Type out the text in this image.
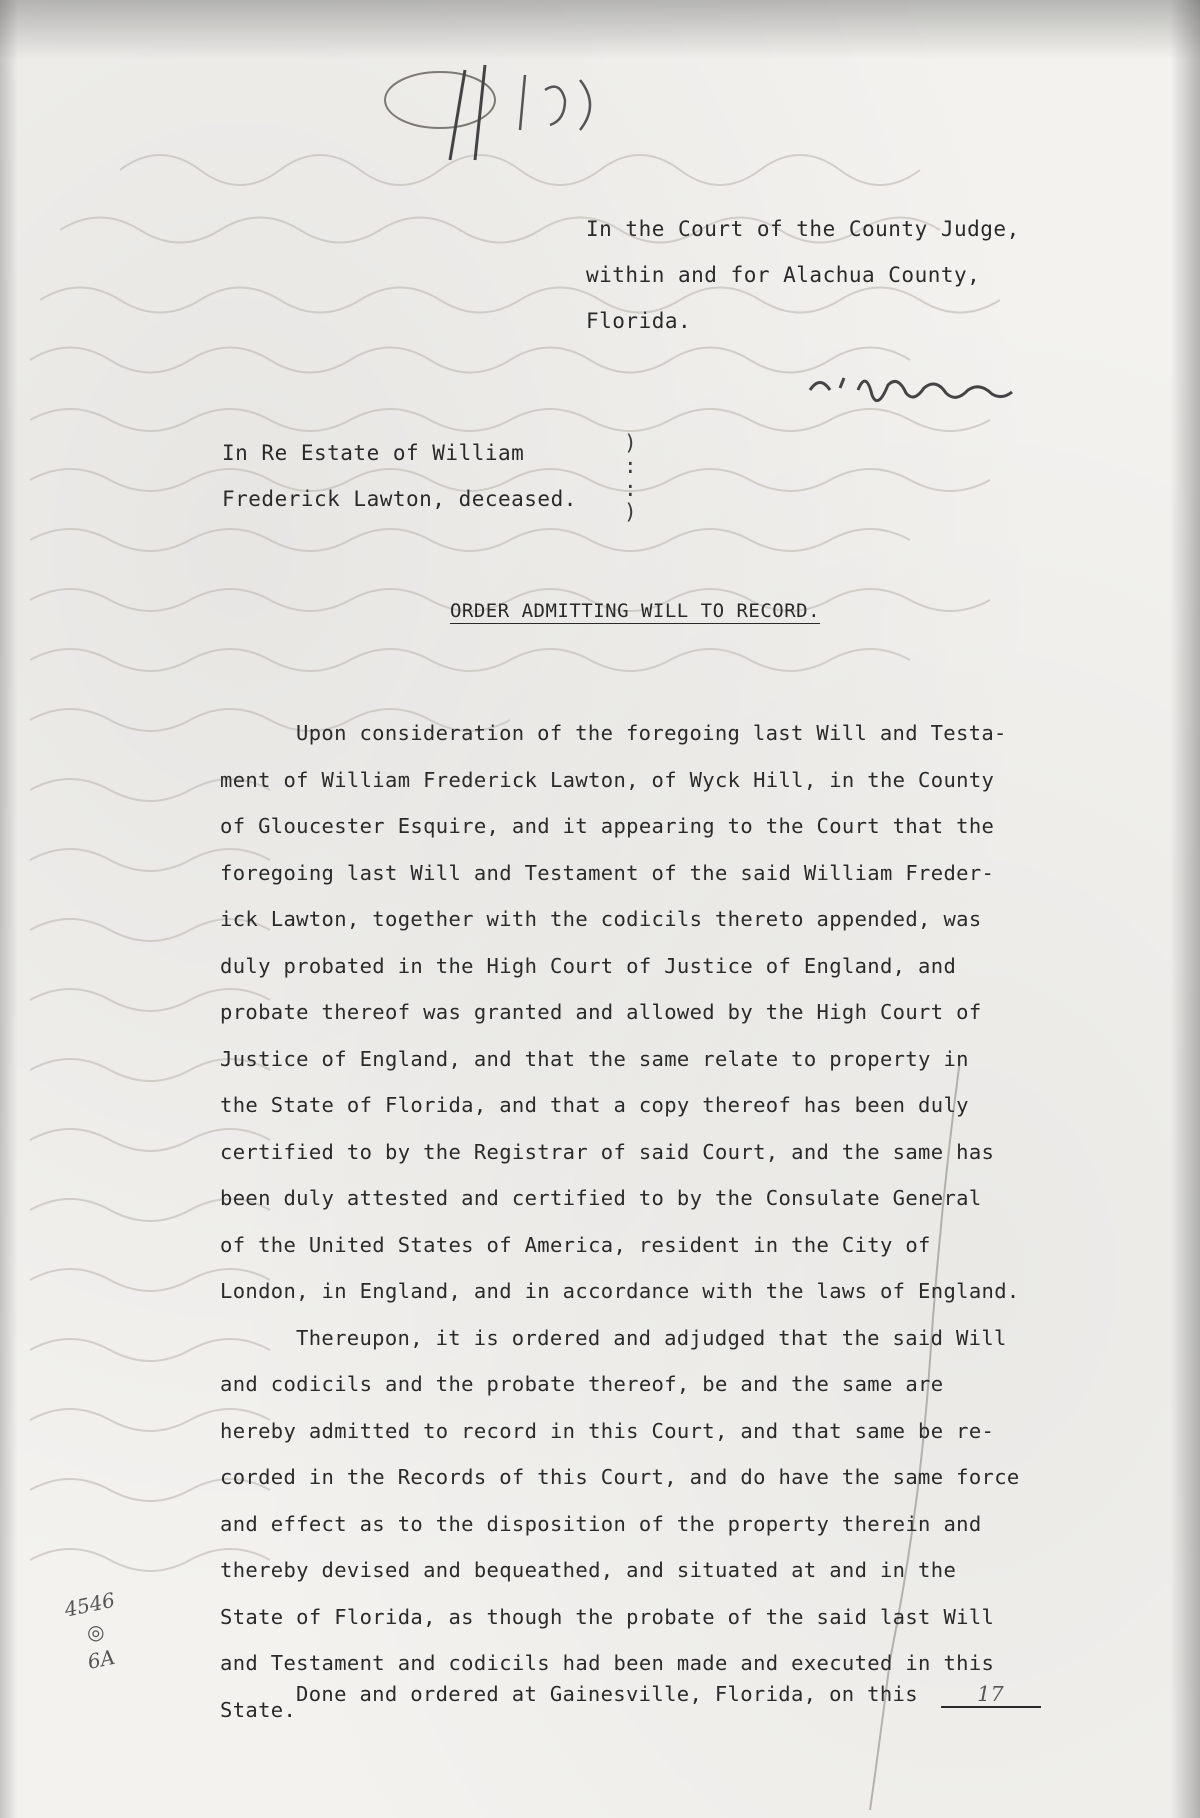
In the Court of the County Judge,
within and for Alachua County,
Florida.
In Re Estate of William
Frederick Lawton, deceased.
)
:
:
)
ORDER ADMITTING WILL TO RECORD.
Upon consideration of the foregoing last Will and Testa-
ment of William Frederick Lawton, of Wyck Hill, in the County
of Gloucester Esquire, and it appearing to the Court that the
foregoing last Will and Testament of the said William Freder-
ick Lawton, together with the codicils thereto appended, was
duly probated in the High Court of Justice of England, and
probate thereof was granted and allowed by the High Court of
Justice of England, and that the same relate to property in
the State of Florida, and that a copy thereof has been duly
certified to by the Registrar of said Court, and the same has
been duly attested and certified to by the Consulate General
of the United States of America, resident in the City of
London, in England, and in accordance with the laws of England.
Thereupon, it is ordered and adjudged that the said Will
and codicils and the probate thereof, be and the same are
hereby admitted to record in this Court, and that same be re-
corded in the Records of this Court, and do have the same force
and effect as to the disposition of the property therein and
thereby devised and bequeathed, and situated at and in the
State of Florida, as though the probate of the said last Will
and Testament and codicils had been made and executed in this
State.
Done and ordered at Gainesville, Florida, on this	17
4546
◎
6A
